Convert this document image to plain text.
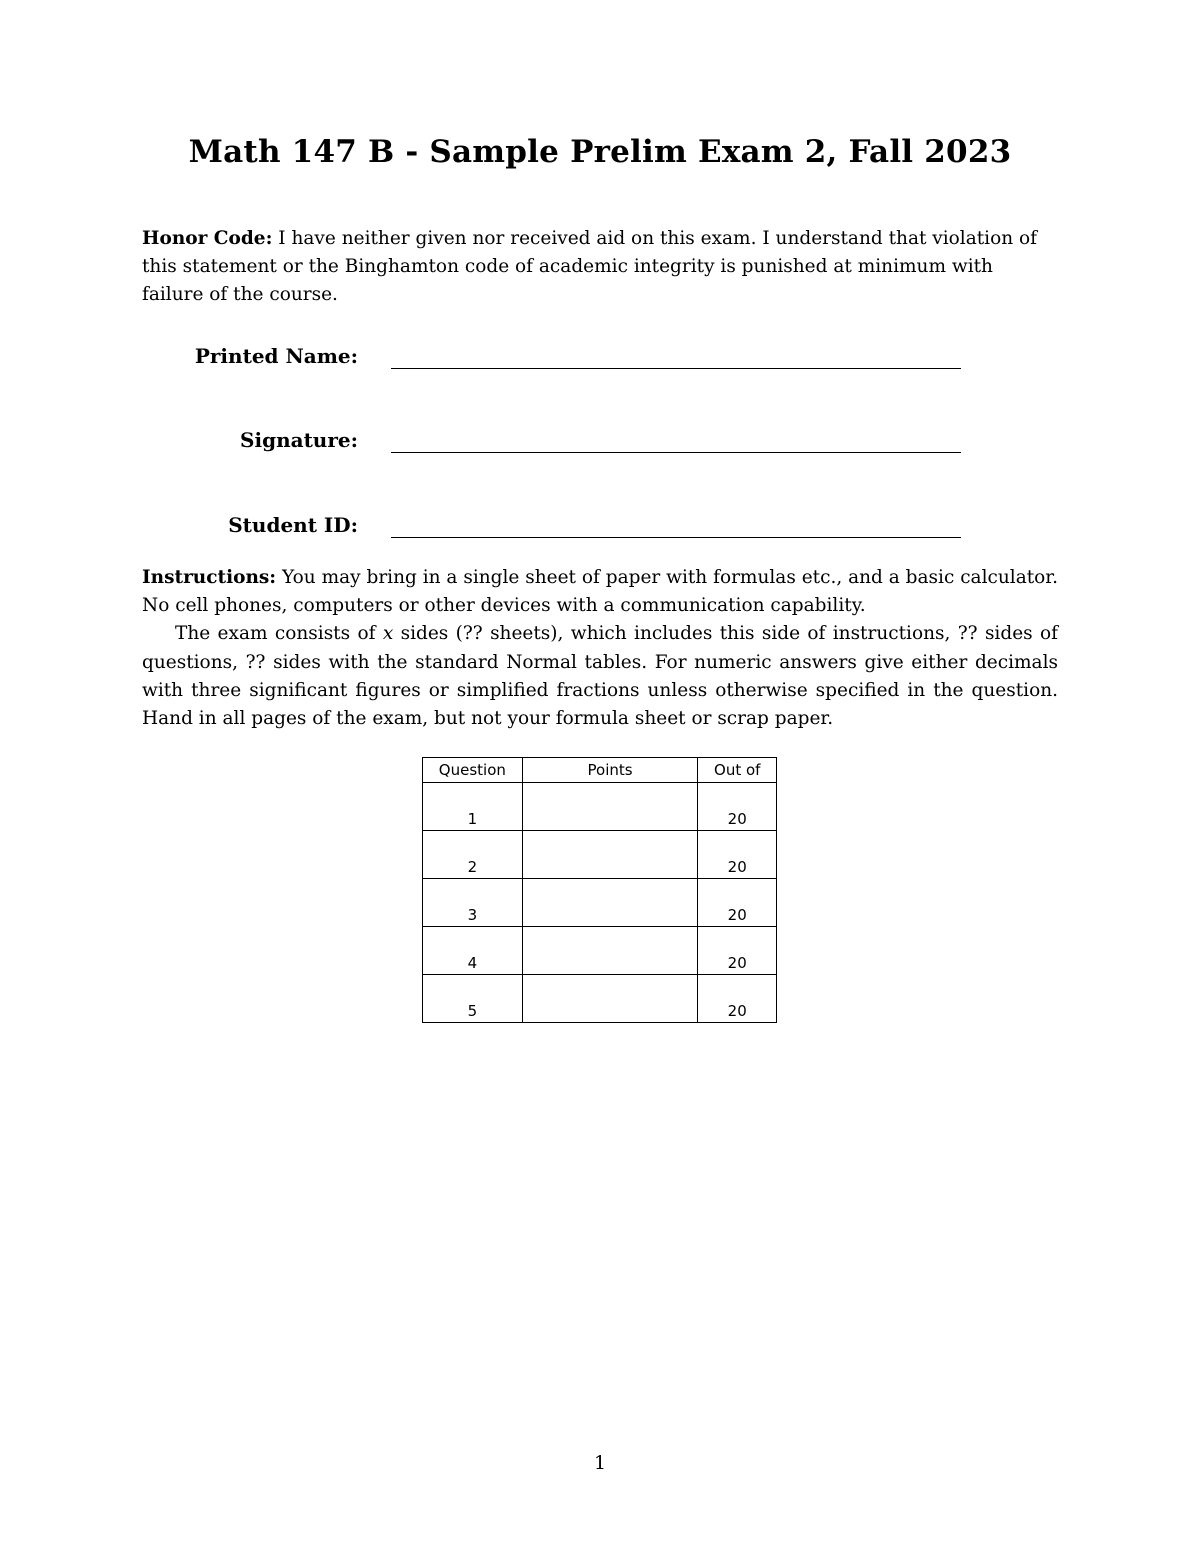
Math 147 B - Sample Prelim Exam 2, Fall 2023
Honor Code: I have neither given nor received aid on this exam. I understand that violation of this statement or the Binghamton code of academic integrity is punished at minimum with failure of the course.
Printed Name:
Signature:
Student ID:
Instructions: You may bring in a single sheet of paper with formulas etc., and a basic calculator. No cell phones, computers or other devices with a communication capability.
The exam consists of x sides (?? sheets), which includes this side of instructions, ?? sides of questions, ?? sides with the standard Normal tables. For numeric answers give either decimals with three significant figures or simplified fractions unless otherwise specified in the question. Hand in all pages of the exam, but not your formula sheet or scrap paper.
Question	Points	Out of
1		20
2		20
3		20
4		20
5		20
1
